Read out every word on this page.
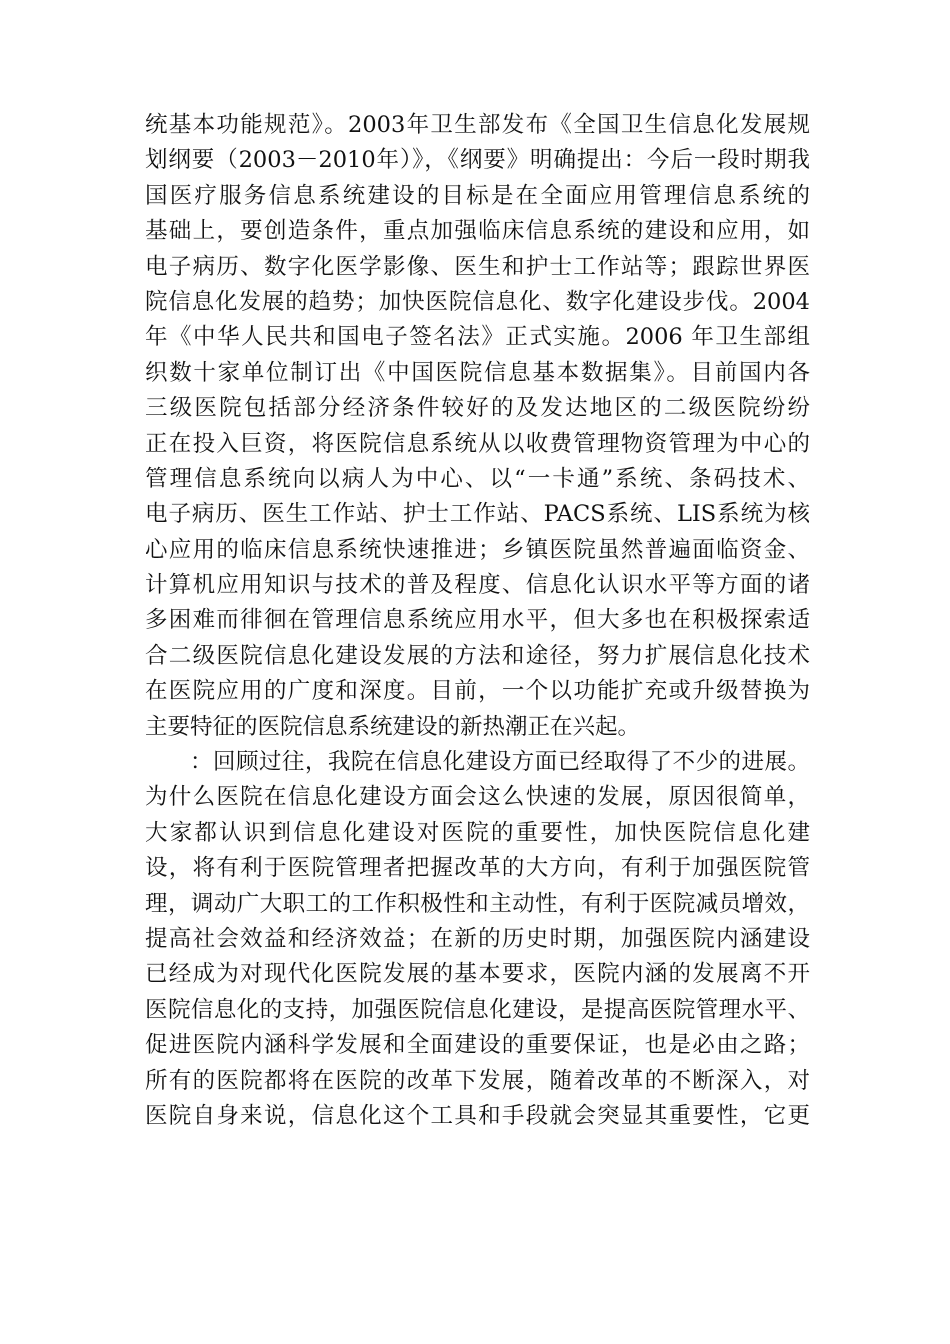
统基本功能规范》。2003年卫生部发布《全国卫生信息化发展规
划纲要（2003－2010年）》，《纲要》明确提出：今后一段时期我
国医疗服务信息系统建设的目标是在全面应用管理信息系统的
基础上，要创造条件，重点加强临床信息系统的建设和应用，如
电子病历、数字化医学影像、医生和护士工作站等；跟踪世界医
院信息化发展的趋势；加快医院信息化、数字化建设步伐。2004
年《中华人民共和国电子签名法》正式实施。2006 年卫生部组
织数十家单位制订出《中国医院信息基本数据集》。目前国内各
三级医院包括部分经济条件较好的及发达地区的二级医院纷纷
正在投入巨资，将医院信息系统从以收费管理物资管理为中心的
管理信息系统向以病人为中心、以“一卡通”系统、条码技术、
电子病历、医生工作站、护士工作站、PACS系统、LIS系统为核
心应用的临床信息系统快速推进；乡镇医院虽然普遍面临资金、
计算机应用知识与技术的普及程度、信息化认识水平等方面的诸
多困难而徘徊在管理信息系统应用水平，但大多也在积极探索适
合二级医院信息化建设发展的方法和途径，努力扩展信息化技术
在医院应用的广度和深度。目前，一个以功能扩充或升级替换为
主要特征的医院信息系统建设的新热潮正在兴起。
：回顾过往，我院在信息化建设方面已经取得了不少的进展。
为什么医院在信息化建设方面会这么快速的发展，原因很简单，
大家都认识到信息化建设对医院的重要性，加快医院信息化建
设，将有利于医院管理者把握改革的大方向，有利于加强医院管
理，调动广大职工的工作积极性和主动性，有利于医院减员增效，
提高社会效益和经济效益；在新的历史时期，加强医院内涵建设
已经成为对现代化医院发展的基本要求，医院内涵的发展离不开
医院信息化的支持，加强医院信息化建设，是提高医院管理水平、
促进医院内涵科学发展和全面建设的重要保证，也是必由之路；
所有的医院都将在医院的改革下发展，随着改革的不断深入，对
医院自身来说，信息化这个工具和手段就会突显其重要性，它更
